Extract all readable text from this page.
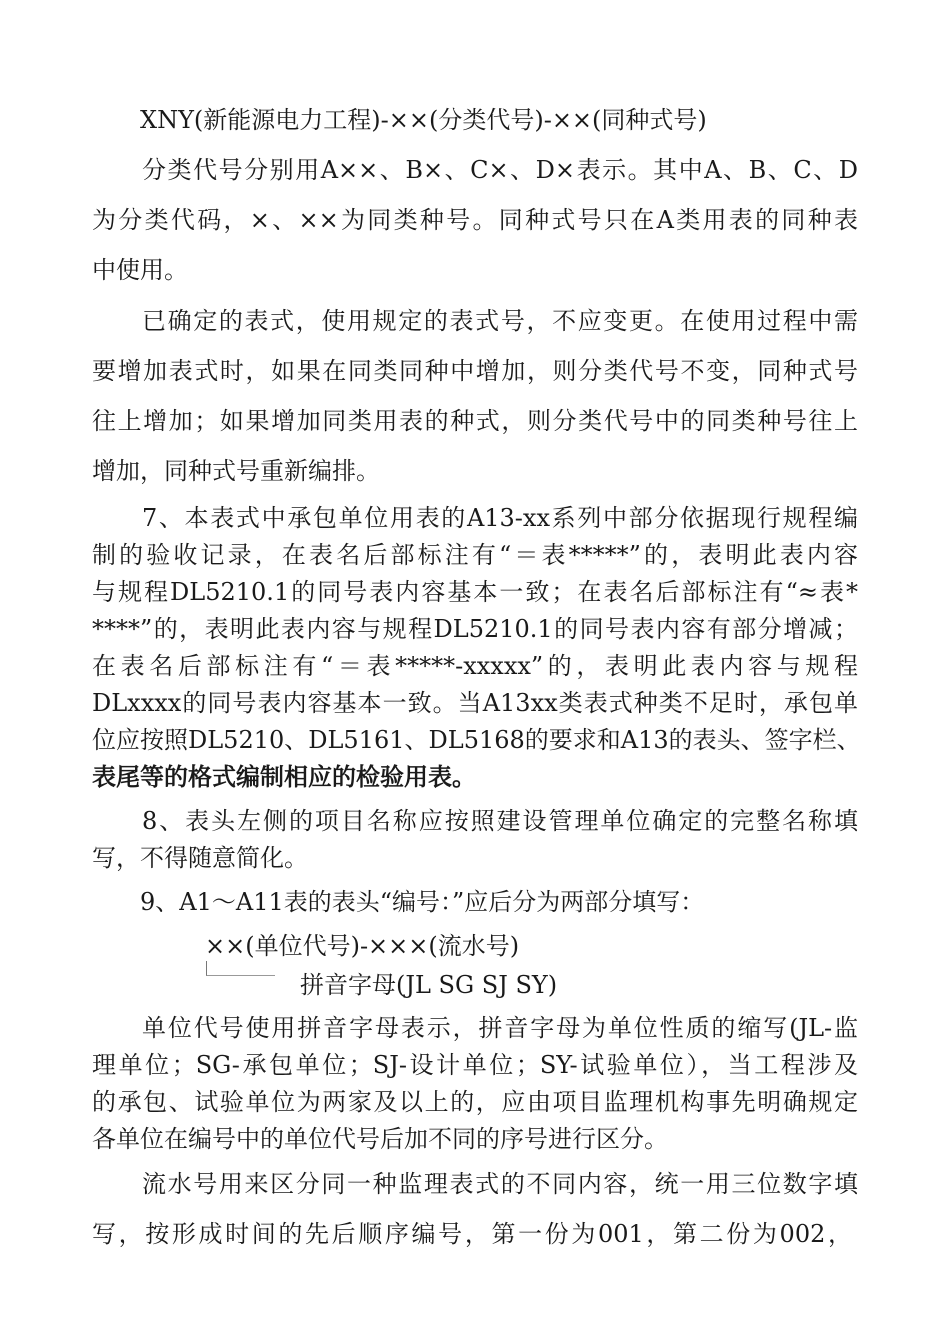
XNY(新能源电力工程)-××(分类代号)-××(同种式号)
分类代号分别用A××、B×、C×、D×表示。其中A、B、C、D
为分类代码，×、××为同类种号。同种式号只在A类用表的同种表
中使用。
已确定的表式，使用规定的表式号，不应变更。在使用过程中需
要增加表式时，如果在同类同种中增加，则分类代号不变，同种式号
往上增加；如果增加同类用表的种式，则分类代号中的同类种号往上
增加，同种式号重新编排。
7、本表式中承包单位用表的A13-xx系列中部分依据现行规程编
制的验收记录，在表名后部标注有“＝表*****”的，表明此表内容
与规程DL5210.1的同号表内容基本一致；在表名后部标注有“≈表*
****”的，表明此表内容与规程DL5210.1的同号表内容有部分增减；
在表名后部标注有“＝表*****-xxxxx”的，表明此表内容与规程
DLxxxx的同号表内容基本一致。当A13xx类表式种类不足时，承包单
位应按照DL5210、DL5161、DL5168的要求和A13的表头、签字栏、
表尾等的格式编制相应的检验用表。
8、表头左侧的项目名称应按照建设管理单位确定的完整名称填
写，不得随意简化。
9、A1～A11表的表头“编号：”应后分为两部分填写：
××(单位代号)-×××(流水号)
拼音字母(JL SG SJ SY)
单位代号使用拼音字母表示，拼音字母为单位性质的缩写(JL-监
理单位；SG-承包单位；SJ-设计单位；SY-试验单位），当工程涉及
的承包、试验单位为两家及以上的，应由项目监理机构事先明确规定
各单位在编号中的单位代号后加不同的序号进行区分。
流水号用来区分同一种监理表式的不同内容，统一用三位数字填
写，按形成时间的先后顺序编号，第一份为001，第二份为002，
